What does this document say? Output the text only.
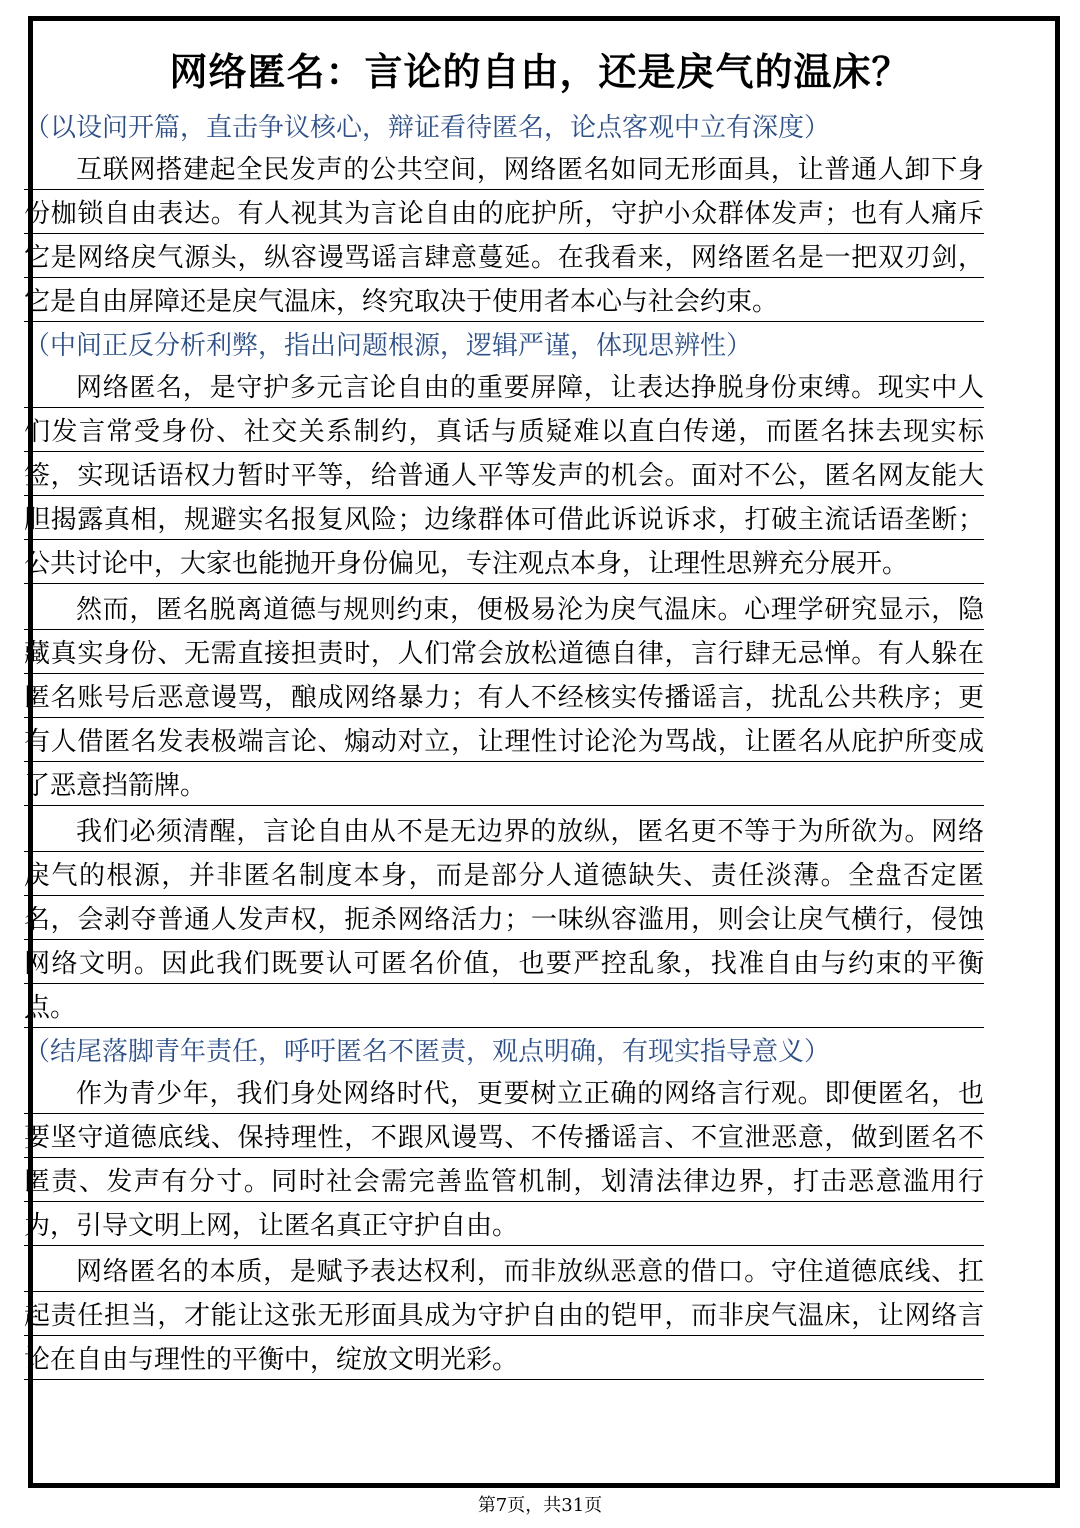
网络匿名：言论的自由，还是戾气的温床？

（以设问开篇，直击争议核心，辩证看待匿名，论点客观中立有深度）

互联网搭建起全民发声的公共空间，网络匿名如同无形面具，让普通人卸下身份枷锁自由表达。有人视其为言论自由的庇护所，守护小众群体发声；也有人痛斥它是网络戾气源头，纵容谩骂谣言肆意蔓延。在我看来，网络匿名是一把双刃剑，它是自由屏障还是戾气温床，终究取决于使用者本心与社会约束。

（中间正反分析利弊，指出问题根源，逻辑严谨，体现思辨性）

网络匿名，是守护多元言论自由的重要屏障，让表达挣脱身份束缚。现实中人们发言常受身份、社交关系制约，真话与质疑难以直白传递，而匿名抹去现实标签，实现话语权力暂时平等，给普通人平等发声的机会。面对不公，匿名网友能大胆揭露真相，规避实名报复风险；边缘群体可借此诉说诉求，打破主流话语垄断；公共讨论中，大家也能抛开身份偏见，专注观点本身，让理性思辨充分展开。

然而，匿名脱离道德与规则约束，便极易沦为戾气温床。心理学研究显示，隐藏真实身份、无需直接担责时，人们常会放松道德自律，言行肆无忌惮。有人躲在匿名账号后恶意谩骂，酿成网络暴力；有人不经核实传播谣言，扰乱公共秩序；更有人借匿名发表极端言论、煽动对立，让理性讨论沦为骂战，让匿名从庇护所变成了恶意挡箭牌。

我们必须清醒，言论自由从不是无边界的放纵，匿名更不等于为所欲为。网络戾气的根源，并非匿名制度本身，而是部分人道德缺失、责任淡薄。全盘否定匿名，会剥夺普通人发声权，扼杀网络活力；一味纵容滥用，则会让戾气横行，侵蚀网络文明。因此我们既要认可匿名价值，也要严控乱象，找准自由与约束的平衡点。

（结尾落脚青年责任，呼吁匿名不匿责，观点明确，有现实指导意义）

作为青少年，我们身处网络时代，更要树立正确的网络言行观。即便匿名，也要坚守道德底线、保持理性，不跟风谩骂、不传播谣言、不宣泄恶意，做到匿名不匿责、发声有分寸。同时社会需完善监管机制，划清法律边界，打击恶意滥用行为，引导文明上网，让匿名真正守护自由。

网络匿名的本质，是赋予表达权利，而非放纵恶意的借口。守住道德底线、扛起责任担当，才能让这张无形面具成为守护自由的铠甲，而非戾气温床，让网络言论在自由与理性的平衡中，绽放文明光彩。

第7页，共31页
